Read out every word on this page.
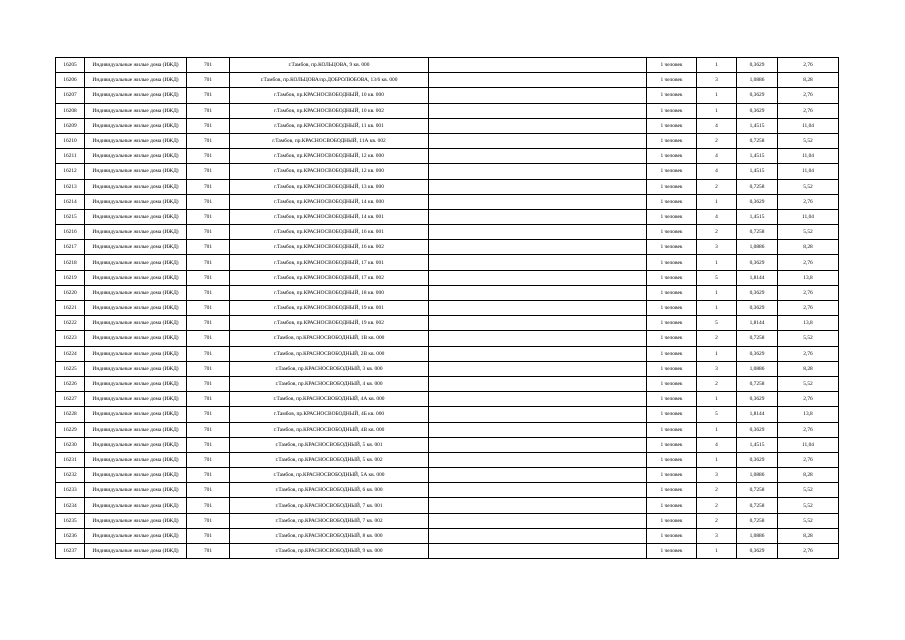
16205	Индивидуальные жилые дома (ИЖД)	701	г.Тамбов, пр.КОЛЬЦОВА, 9 кв. 000		1 человек	1	0,3629	2,76
16206	Индивидуальные жилые дома (ИЖД)	701	г.Тамбов, пр.КОЛЬЦОВА/пр.ДОБРОЛЮБОВА, 13/6 кв. 000		1 человек	3	1,0886	8,28
16207	Индивидуальные жилые дома (ИЖД)	701	г.Тамбов, пр.КРАСНОСВОБОДНЫЙ, 10 кв. 000		1 человек	1	0,3629	2,76
16208	Индивидуальные жилые дома (ИЖД)	701	г.Тамбов, пр.КРАСНОСВОБОДНЫЙ, 10 кв. 002		1 человек	1	0,3629	2,76
16209	Индивидуальные жилые дома (ИЖД)	701	г.Тамбов, пр.КРАСНОСВОБОДНЫЙ, 11 кв. 001		1 человек	4	1,4515	11,04
16210	Индивидуальные жилые дома (ИЖД)	701	г.Тамбов, пр.КРАСНОСВОБОДНЫЙ, 11А кв. 002		1 человек	2	0,7258	5,52
16211	Индивидуальные жилые дома (ИЖД)	701	г.Тамбов, пр.КРАСНОСВОБОДНЫЙ, 12 кв. 000		1 человек	4	1,4515	11,04
16212	Индивидуальные жилые дома (ИЖД)	701	г.Тамбов, пр.КРАСНОСВОБОДНЫЙ, 12 кв. 000		1 человек	4	1,4515	11,04
16213	Индивидуальные жилые дома (ИЖД)	701	г.Тамбов, пр.КРАСНОСВОБОДНЫЙ, 13 кв. 000		1 человек	2	0,7258	5,52
16214	Индивидуальные жилые дома (ИЖД)	701	г.Тамбов, пр.КРАСНОСВОБОДНЫЙ, 14 кв. 000		1 человек	1	0,3629	2,76
16215	Индивидуальные жилые дома (ИЖД)	701	г.Тамбов, пр.КРАСНОСВОБОДНЫЙ, 14 кв. 001		1 человек	4	1,4515	11,04
16216	Индивидуальные жилые дома (ИЖД)	701	г.Тамбов, пр.КРАСНОСВОБОДНЫЙ, 16 кв. 001		1 человек	2	0,7258	5,52
16217	Индивидуальные жилые дома (ИЖД)	701	г.Тамбов, пр.КРАСНОСВОБОДНЫЙ, 16 кв. 002		1 человек	3	1,0886	8,28
16218	Индивидуальные жилые дома (ИЖД)	701	г.Тамбов, пр.КРАСНОСВОБОДНЫЙ, 17 кв. 001		1 человек	1	0,3629	2,76
16219	Индивидуальные жилые дома (ИЖД)	701	г.Тамбов, пр.КРАСНОСВОБОДНЫЙ, 17 кв. 002		1 человек	5	1,8144	13,8
16220	Индивидуальные жилые дома (ИЖД)	701	г.Тамбов, пр.КРАСНОСВОБОДНЫЙ, 18 кв. 000		1 человек	1	0,3629	2,76
16221	Индивидуальные жилые дома (ИЖД)	701	г.Тамбов, пр.КРАСНОСВОБОДНЫЙ, 19 кв. 001		1 человек	1	0,3629	2,76
16222	Индивидуальные жилые дома (ИЖД)	701	г.Тамбов, пр.КРАСНОСВОБОДНЫЙ, 19 кв. 002		1 человек	5	1,8144	13,8
16223	Индивидуальные жилые дома (ИЖД)	701	г.Тамбов, пр.КРАСНОСВОБОДНЫЙ, 1В кв. 000		1 человек	2	0,7258	5,52
16224	Индивидуальные жилые дома (ИЖД)	701	г.Тамбов, пр.КРАСНОСВОБОДНЫЙ, 2В кв. 000		1 человек	1	0,3629	2,76
16225	Индивидуальные жилые дома (ИЖД)	701	г.Тамбов, пр.КРАСНОСВОБОДНЫЙ, 3 кв. 000		1 человек	3	1,0886	8,28
16226	Индивидуальные жилые дома (ИЖД)	701	г.Тамбов, пр.КРАСНОСВОБОДНЫЙ, 4 кв. 000		1 человек	2	0,7258	5,52
16227	Индивидуальные жилые дома (ИЖД)	701	г.Тамбов, пр.КРАСНОСВОБОДНЫЙ, 4А кв. 000		1 человек	1	0,3629	2,76
16228	Индивидуальные жилые дома (ИЖД)	701	г.Тамбов, пр.КРАСНОСВОБОДНЫЙ, 4Б кв. 000		1 человек	5	1,8144	13,8
16229	Индивидуальные жилые дома (ИЖД)	701	г.Тамбов, пр.КРАСНОСВОБОДНЫЙ, 4В кв. 000		1 человек	1	0,3629	2,76
16230	Индивидуальные жилые дома (ИЖД)	701	г.Тамбов, пр.КРАСНОСВОБОДНЫЙ, 5 кв. 001		1 человек	4	1,4515	11,04
16231	Индивидуальные жилые дома (ИЖД)	701	г.Тамбов, пр.КРАСНОСВОБОДНЫЙ, 5 кв. 002		1 человек	1	0,3629	2,76
16232	Индивидуальные жилые дома (ИЖД)	701	г.Тамбов, пр.КРАСНОСВОБОДНЫЙ, 5А кв. 000		1 человек	3	1,0886	8,28
16233	Индивидуальные жилые дома (ИЖД)	701	г.Тамбов, пр.КРАСНОСВОБОДНЫЙ, 6 кв. 000		1 человек	2	0,7258	5,52
16234	Индивидуальные жилые дома (ИЖД)	701	г.Тамбов, пр.КРАСНОСВОБОДНЫЙ, 7 кв. 001		1 человек	2	0,7258	5,52
16235	Индивидуальные жилые дома (ИЖД)	701	г.Тамбов, пр.КРАСНОСВОБОДНЫЙ, 7 кв. 002		1 человек	2	0,7258	5,52
16236	Индивидуальные жилые дома (ИЖД)	701	г.Тамбов, пр.КРАСНОСВОБОДНЫЙ, 8 кв. 000		1 человек	3	1,0886	8,28
16237	Индивидуальные жилые дома (ИЖД)	701	г.Тамбов, пр.КРАСНОСВОБОДНЫЙ, 9 кв. 000		1 человек	1	0,3629	2,76
